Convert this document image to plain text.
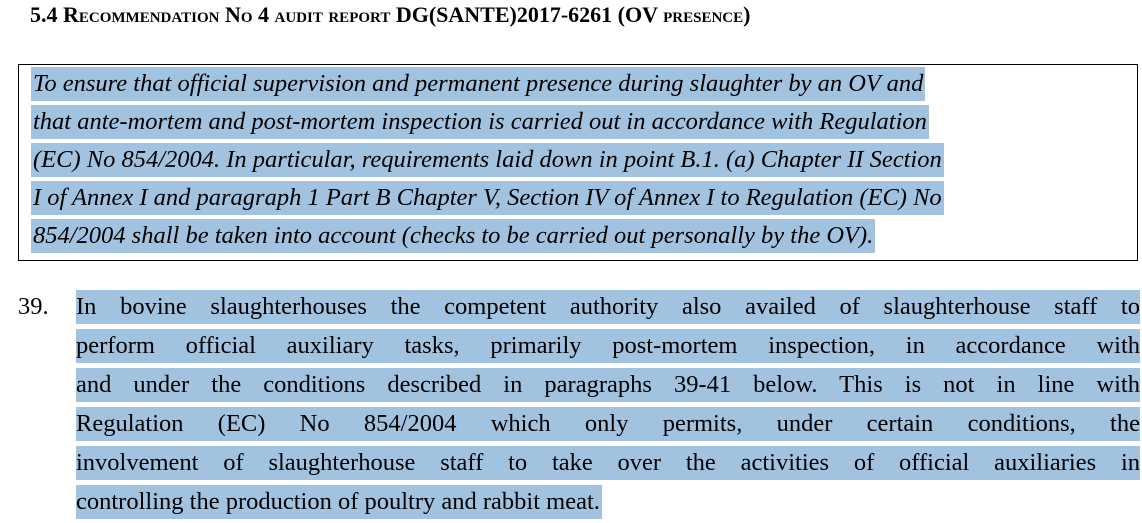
5.4 Recommendation No 4 audit report DG(SANTE)2017-6261 (OV presence)
To ensure that official supervision and permanent presence during slaughter by an OV and
that ante-mortem and post-mortem inspection is carried out in accordance with Regulation
(EC) No 854/2004. In particular, requirements laid down in point B.1. (a) Chapter II Section
I of Annex I and paragraph 1 Part B Chapter V, Section IV of Annex I to Regulation (EC) No
854/2004 shall be taken into account (checks to be carried out personally by the OV).
39. In bovine slaughterhouses the competent authority also availed of slaughterhouse staff to
perform official auxiliary tasks, primarily post-mortem inspection, in accordance with
and under the conditions described in paragraphs 39-41 below. This is not in line with
Regulation (EC) No 854/2004 which only permits, under certain conditions, the
involvement of slaughterhouse staff to take over the activities of official auxiliaries in
controlling the production of poultry and rabbit meat.
